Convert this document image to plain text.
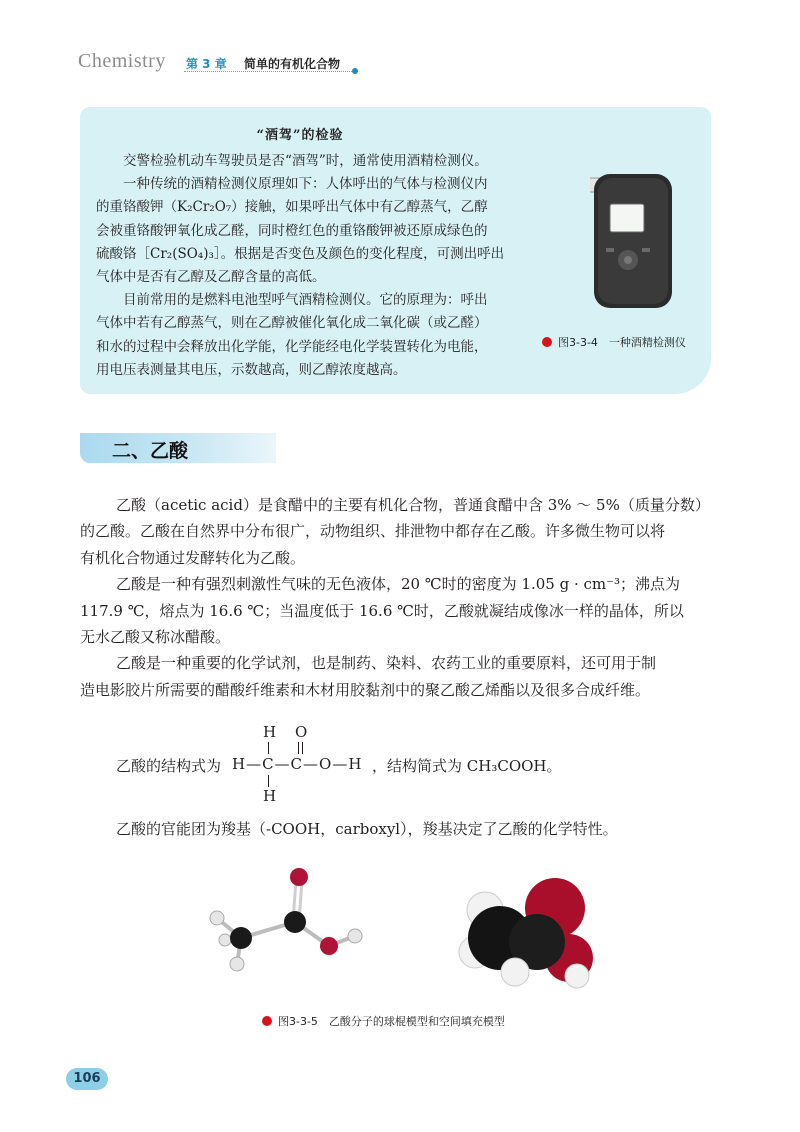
Chemistry 第 3 章 简单的有机化合物
“酒驾”的检验
交警检验机动车驾驶员是否“酒驾”时，通常使用酒精检测仪。
一种传统的酒精检测仪原理如下：人体呼出的气体与检测仪内
的重铬酸钾（K₂Cr₂O₇）接触，如果呼出气体中有乙醇蒸气，乙醇
会被重铬酸钾氧化成乙醛，同时橙红色的重铬酸钾被还原成绿色的
硫酸铬［Cr₂(SO₄)₃］。根据是否变色及颜色的变化程度，可测出呼出
气体中是否有乙醇及乙醇含量的高低。
目前常用的是燃料电池型呼气酒精检测仪。它的原理为：呼出
气体中若有乙醇蒸气，则在乙醇被催化氧化成二氧化碳（或乙醛）
和水的过程中会释放出化学能，化学能经电化学装置转化为电能，
用电压表测量其电压，示数越高，则乙醇浓度越高。
图3-3-4　一种酒精检测仪
二、乙酸
乙酸（acetic acid）是食醋中的主要有机化合物，普通食醋中含 3% ～ 5%（质量分数）
的乙酸。乙酸在自然界中分布很广，动物组织、排泄物中都存在乙酸。许多微生物可以将
有机化合物通过发酵转化为乙酸。
乙酸是一种有强烈刺激性气味的无色液体，20 ℃时的密度为 1.05 g · cm⁻³；沸点为
117.9 ℃，熔点为 16.6 ℃；当温度低于 16.6 ℃时，乙酸就凝结成像冰一样的晶体，所以
无水乙酸又称冰醋酸。
乙酸是一种重要的化学试剂，也是制药、染料、农药工业的重要原料，还可用于制
造电影胶片所需要的醋酸纤维素和木材用胶黏剂中的聚乙酸乙烯酯以及很多合成纤维。
乙酸的结构式为
H O
H—C—C—O—H ，结构简式为 CH₃COOH。
H
乙酸的官能团为羧基（-COOH，carboxyl），羧基决定了乙酸的化学特性。
图3-3-5　乙酸分子的球棍模型和空间填充模型
106
